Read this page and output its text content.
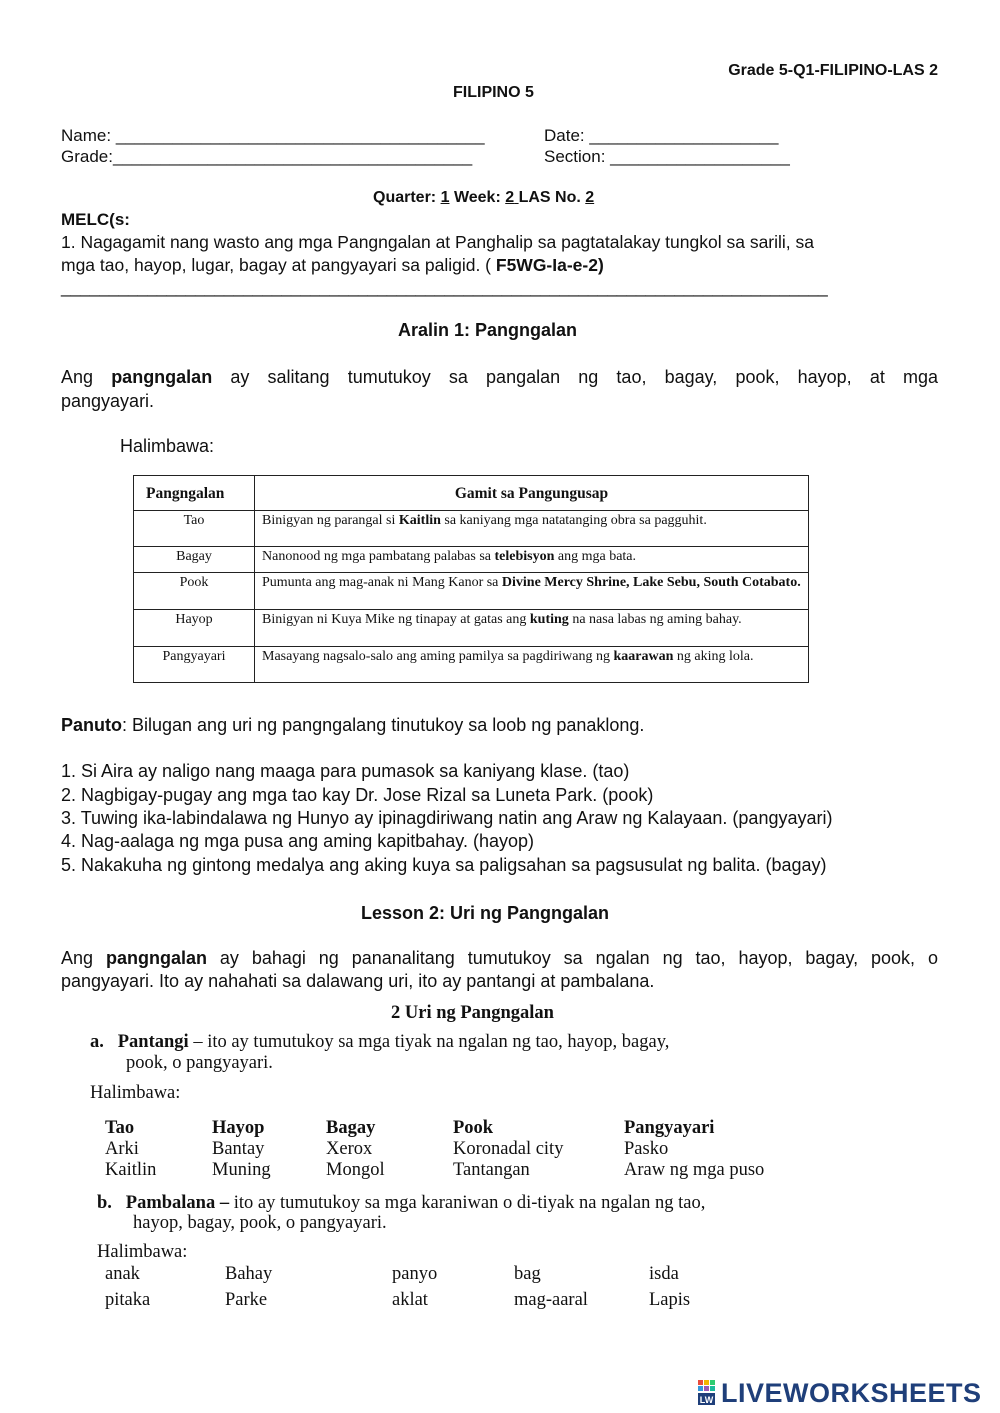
Grade 5-Q1-FILIPINO-LAS 2
FILIPINO 5
Name: _______________________________________	Date: ____________________
Grade:______________________________________	Section: ___________________
Quarter: 1 Week: 2 LAS No. 2
MELC(s:
1. Nagagamit nang wasto ang mga Pangngalan at Panghalip sa pagtatalakay tungkol sa sarili, sa
mga tao, hayop, lugar, bagay at pangyayari sa paligid. ( F5WG-Ia-e-2)
________________________________________________________________________________
Aralin 1: Pangngalan
Ang pangngalan ay salitang tumutukoy sa pangalan ng tao, bagay, pook, hayop, at mga
pangyayari.
Halimbawa:
Pangngalan	Gamit sa Pangungusap
Tao	Binigyan ng parangal si Kaitlin sa kaniyang mga natatanging obra sa pagguhit.
Bagay	Nanonood ng mga pambatang palabas sa telebisyon ang mga bata.
Pook	Pumunta ang mag-anak ni Mang Kanor sa Divine Mercy Shrine, Lake Sebu, South Cotabato.
Hayop	Binigyan ni Kuya Mike ng tinapay at gatas ang kuting na nasa labas ng aming bahay.
Pangyayari	Masayang nagsalo-salo ang aming pamilya sa pagdiriwang ng kaarawan ng aking lola.
Panuto: Bilugan ang uri ng pangngalang tinutukoy sa loob ng panaklong.
1. Si Aira ay naligo nang maaga para pumasok sa kaniyang klase. (tao)
2. Nagbigay-pugay ang mga tao kay Dr. Jose Rizal sa Luneta Park. (pook)
3. Tuwing ika-labindalawa ng Hunyo ay ipinagdiriwang natin ang Araw ng Kalayaan. (pangyayari)
4. Nag-aalaga ng mga pusa ang aming kapitbahay. (hayop)
5. Nakakuha ng gintong medalya ang aking kuya sa paligsahan sa pagsusulat ng balita. (bagay)
Lesson 2: Uri ng Pangngalan
Ang pangngalan ay bahagi ng pananalitang tumutukoy sa ngalan ng tao, hayop, bagay, pook, o
pangyayari. Ito ay nahahati sa dalawang uri, ito ay pantangi at pambalana.
2 Uri ng Pangngalan
a. Pantangi – ito ay tumutukoy sa mga tiyak na ngalan ng tao, hayop, bagay,
pook, o pangyayari.
Halimbawa:
Tao	Hayop	Bagay	Pook	Pangyayari
Arki	Bantay	Xerox	Koronadal city	Pasko
Kaitlin	Muning	Mongol	Tantangan	Araw ng mga puso
b. Pambalana – ito ay tumutukoy sa mga karaniwan o di-tiyak na ngalan ng tao,
hayop, bagay, pook, o pangyayari.
Halimbawa:
anak	Bahay	panyo	bag	isda
pitaka	Parke	aklat	mag-aaral	Lapis
LW LIVEWORKSHEETS
